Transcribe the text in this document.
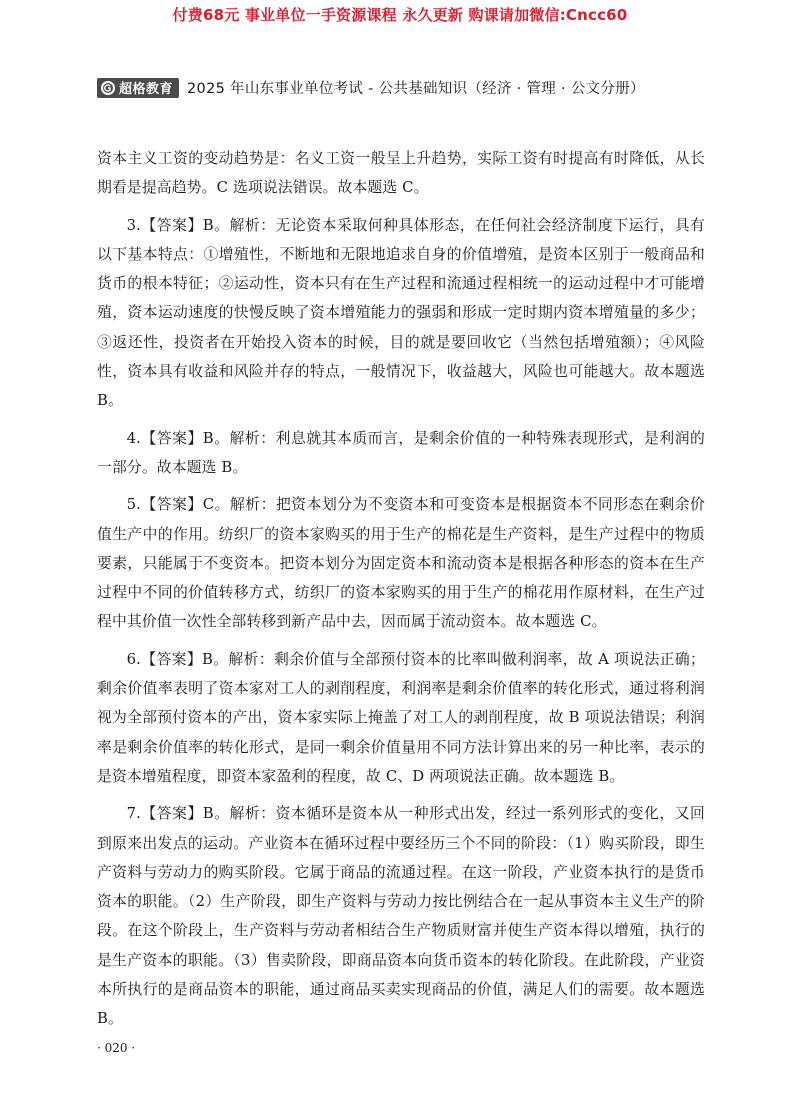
付费68元 事业单位一手资源课程 永久更新 购课请加微信:Cncc60
超格教育 2025 年山东事业单位考试 - 公共基础知识（经济 · 管理 · 公文分册）

资本主义工资的变动趋势是：名义工资一般呈上升趋势，实际工资有时提高有时降低，从长期看是提高趋势。C 选项说法错误。故本题选 C。

3.【答案】B。解析：无论资本采取何种具体形态，在任何社会经济制度下运行，具有以下基本特点：①增殖性，不断地和无限地追求自身的价值增殖，是资本区别于一般商品和货币的根本特征；②运动性，资本只有在生产过程和流通过程相统一的运动过程中才可能增殖，资本运动速度的快慢反映了资本增殖能力的强弱和形成一定时期内资本增殖量的多少；③返还性，投资者在开始投入资本的时候，目的就是要回收它（当然包括增殖额）；④风险性，资本具有收益和风险并存的特点，一般情况下，收益越大，风险也可能越大。故本题选 B。

4.【答案】B。解析：利息就其本质而言，是剩余价值的一种特殊表现形式，是利润的一部分。故本题选 B。

5.【答案】C。解析：把资本划分为不变资本和可变资本是根据资本不同形态在剩余价值生产中的作用。纺织厂的资本家购买的用于生产的棉花是生产资料，是生产过程中的物质要素，只能属于不变资本。把资本划分为固定资本和流动资本是根据各种形态的资本在生产过程中不同的价值转移方式，纺织厂的资本家购买的用于生产的棉花用作原材料，在生产过程中其价值一次性全部转移到新产品中去，因而属于流动资本。故本题选 C。

6.【答案】B。解析：剩余价值与全部预付资本的比率叫做利润率，故 A 项说法正确；剩余价值率表明了资本家对工人的剥削程度，利润率是剩余价值率的转化形式，通过将利润视为全部预付资本的产出，资本家实际上掩盖了对工人的剥削程度，故 B 项说法错误；利润率是剩余价值率的转化形式，是同一剩余价值量用不同方法计算出来的另一种比率，表示的是资本增殖程度，即资本家盈利的程度，故 C、D 两项说法正确。故本题选 B。

7.【答案】B。解析：资本循环是资本从一种形式出发，经过一系列形式的变化，又回到原来出发点的运动。产业资本在循环过程中要经历三个不同的阶段：（1）购买阶段，即生产资料与劳动力的购买阶段。它属于商品的流通过程。在这一阶段，产业资本执行的是货币资本的职能。（2）生产阶段，即生产资料与劳动力按比例结合在一起从事资本主义生产的阶段。在这个阶段上，生产资料与劳动者相结合生产物质财富并使生产资本得以增殖，执行的是生产资本的职能。（3）售卖阶段，即商品资本向货币资本的转化阶段。在此阶段，产业资本所执行的是商品资本的职能，通过商品买卖实现商品的价值，满足人们的需要。故本题选 B。

· 020 ·
